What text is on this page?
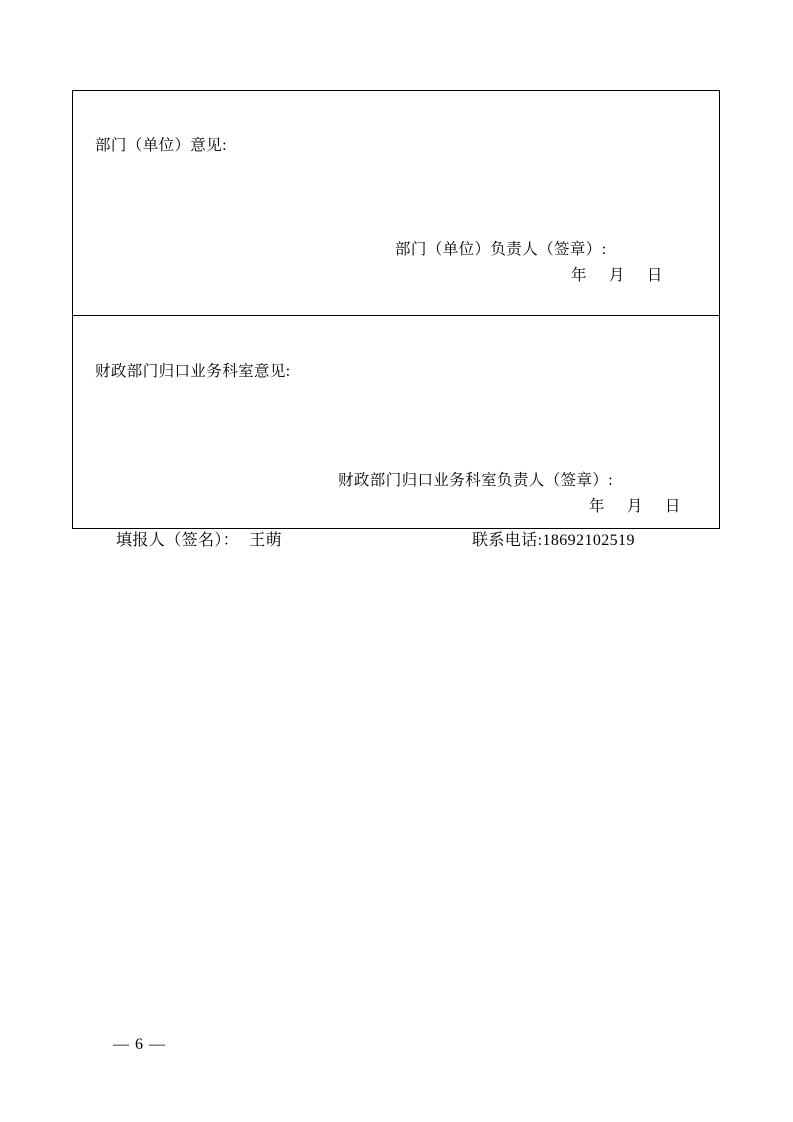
部门（单位）意见:
部门（单位）负责人（签章）:
年 月 日
财政部门归口业务科室意见:
财政部门归口业务科室负责人（签章）:
年 月 日
填报人（签名）： 王萌	联系电话:18692102519
— 6 —
